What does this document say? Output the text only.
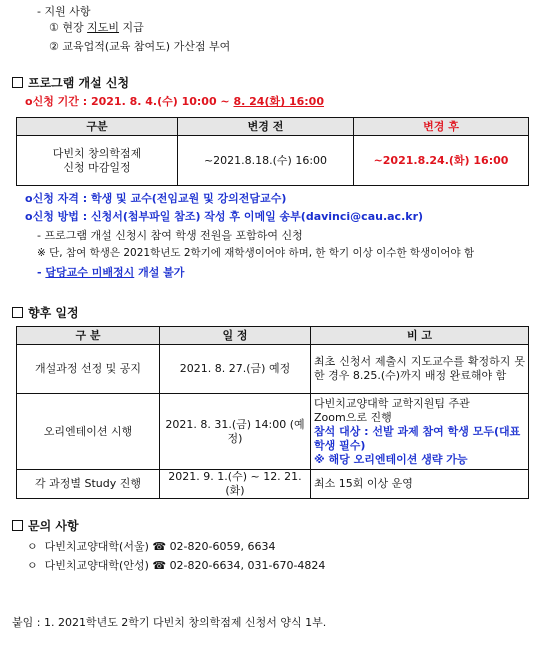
- 지원 사항
① 현장 지도비 지급
② 교육업적(교육 참여도) 가산점 부여
프로그램 개설 신청
o신청 기간 : 2021. 8. 4.(수) 10:00 ~ 8. 24(화) 16:00
구분	변경 전	변경 후

다빈치 창의학점제
신청 마감일정	~2021.8.18.(수) 16:00	~2021.8.24.(화) 16:00
o신청 자격 : 학생 및 교수(전임교원 및 강의전담교수)
o신청 방법 : 신청서(첨부파일 참조) 작성 후 이메일 송부(davinci@cau.ac.kr)
- 프로그램 개설 신청시 참여 학생 전원을 포함하여 신청
※ 단, 참여 학생은 2021학년도 2학기에 재학생이어야 하며, 한 학기 이상 이수한 학생이어야 함
- 담당교수 미배정시 개설 불가
향후 일정
구 분	일 정	비 고
개설과정 선정 및 공지	2021. 8. 27.(금) 예정	최초 신청서 제출시 지도교수를 확정하지 못한 경우 8.25.(수)까지 배정 완료해야 함
오리엔테이션 시행	2021. 8. 31.(금) 14:00 (예정)	다빈치교양대학 교학지원팀 주관
Zoom으로 진행
참석 대상 : 선발 과제 참여 학생 모두(대표 학생 필수)
※ 해당 오리엔테이션 생략 가능

각 과정별 Study 진행	2021. 9. 1.(수) ~ 12. 21.(화)	최소 15회 이상 운영
문의 사항
ㅇ 다빈치교양대학(서울) ☎ 02-820-6059, 6634
ㅇ 다빈치교양대학(안성) ☎ 02-820-6634, 031-670-4824
붙임 : 1. 2021학년도 2학기 다빈치 창의학점제 신청서 양식 1부.
